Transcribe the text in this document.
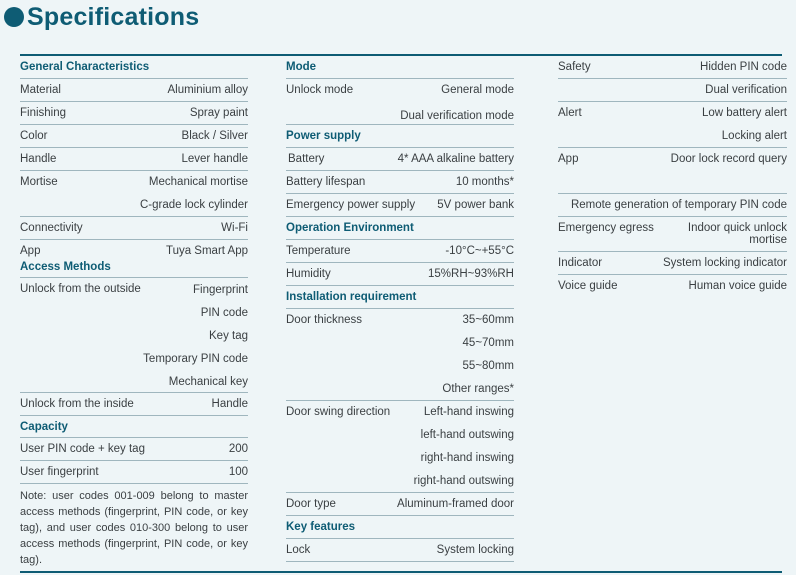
Specifications
General Characteristics
Material	Aluminium alloy
Finishing	Spray paint
Color	Black / Silver
Handle	Lever handle
Mortise	Mechanical mortise
C-grade lock cylinder
Connectivity	Wi-Fi
App	Tuya Smart App
Access Methods
Unlock from the outside	Fingerprint
PIN code
Key tag
Temporary PIN code
Mechanical key
Unlock from the inside	Handle
Capacity
User PIN code + key tag	200
User fingerprint	100
Note: user codes 001-009 belong to master access methods (fingerprint, PIN code, or key tag), and user codes 010-300 belong to user access methods (fingerprint, PIN code, or key tag).
Mode
Unlock mode	General mode
Dual verification mode
Power supply
Battery	4* AAA alkaline battery
Battery lifespan	10 months*
Emergency power supply 5V power bank
Operation Environment
Temperature	-10°C~+55°C
Humidity	15%RH~93%RH
Installation requirement
Door thickness	35~60mm
45~70mm
55~80mm
Other ranges*
Door swing direction	Left-hand inswing
left-hand outswing
right-hand inswing
right-hand outswing
Door type	Aluminum-framed door
Key features
Lock	System locking
Safety	Hidden PIN code
Dual verification
Alert	Low battery alert
Locking alert
App	Door lock record query
Remote generation of temporary PIN code
Emergency egress	Indoor quick unlock
mortise
Indicator	System locking indicator
Voice guide	Human voice guide
